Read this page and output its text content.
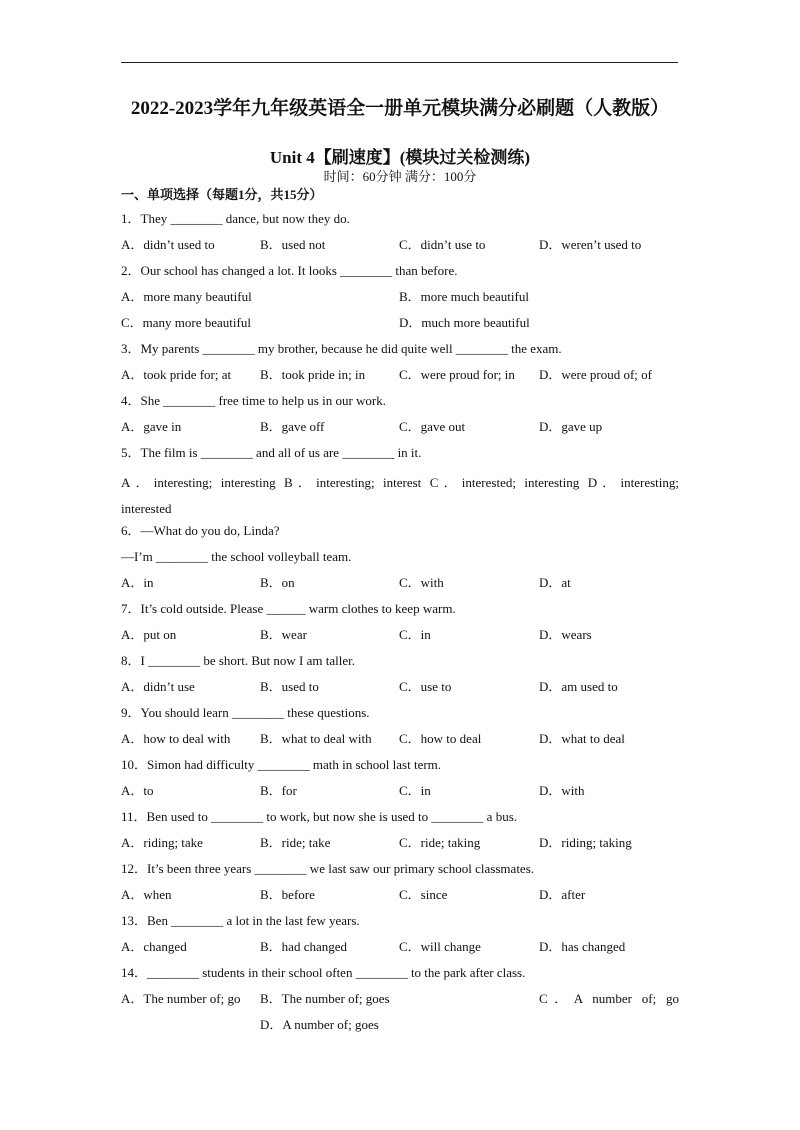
2022-2023学年九年级英语全一册单元模块满分必刷题（人教版）
Unit 4【刷速度】(模块过关检测练)
时间：60分钟 满分：100分
一、单项选择（每题1分，共15分）
1．They ________ dance, but now they do.
A．didn’t used to	B．used not	C．didn’t use to	D．weren’t used to
2．Our school has changed a lot. It looks ________ than before.
A．more many beautiful	B．more much beautiful
C．many more beautiful	D．much more beautiful
3．My parents ________ my brother, because he did quite well ________ the exam.
A．took pride for; at B．took pride in; in	C．were proud for; in D．were proud of; of
4．She ________ free time to help us in our work.
A．gave in	B．gave off	C．gave out	D．gave up
5．The film is ________ and all of us are ________ in it.
A．interesting; interesting B．interesting; interest C．interested; interesting D．interesting;
interested
6．—What do you do, Linda?
—I’m ________ the school volleyball team.
A．in	B．on	C．with	D．at
7．It’s cold outside. Please ______ warm clothes to keep warm.
A．put on	B．wear	C．in	D．wears
8．I ________ be short. But now I am taller.
A．didn’t use	B．used to	C．use to	D．am used to
9．You should learn ________ these questions.
A．how to deal with B．what to deal with C．how to deal	D．what to deal
10．Simon had difficulty ________ math in school last term.
A．to	B．for	C．in	D．with
11．Ben used to ________ to work, but now she is used to ________ a bus.
A．riding; take	B．ride; take	C．ride; taking	D．riding; taking
12．It’s been three years ________ we last saw our primary school classmates.
A．when	B．before	C．since	D．after
13．Ben ________ a lot in the last few years.
A．changed	B．had changed	C．will change	D．has changed
14．________ students in their school often ________ to the park after class.
A．The number of; go B．The number of; goes	C．A number of; go
D．A number of; goes
